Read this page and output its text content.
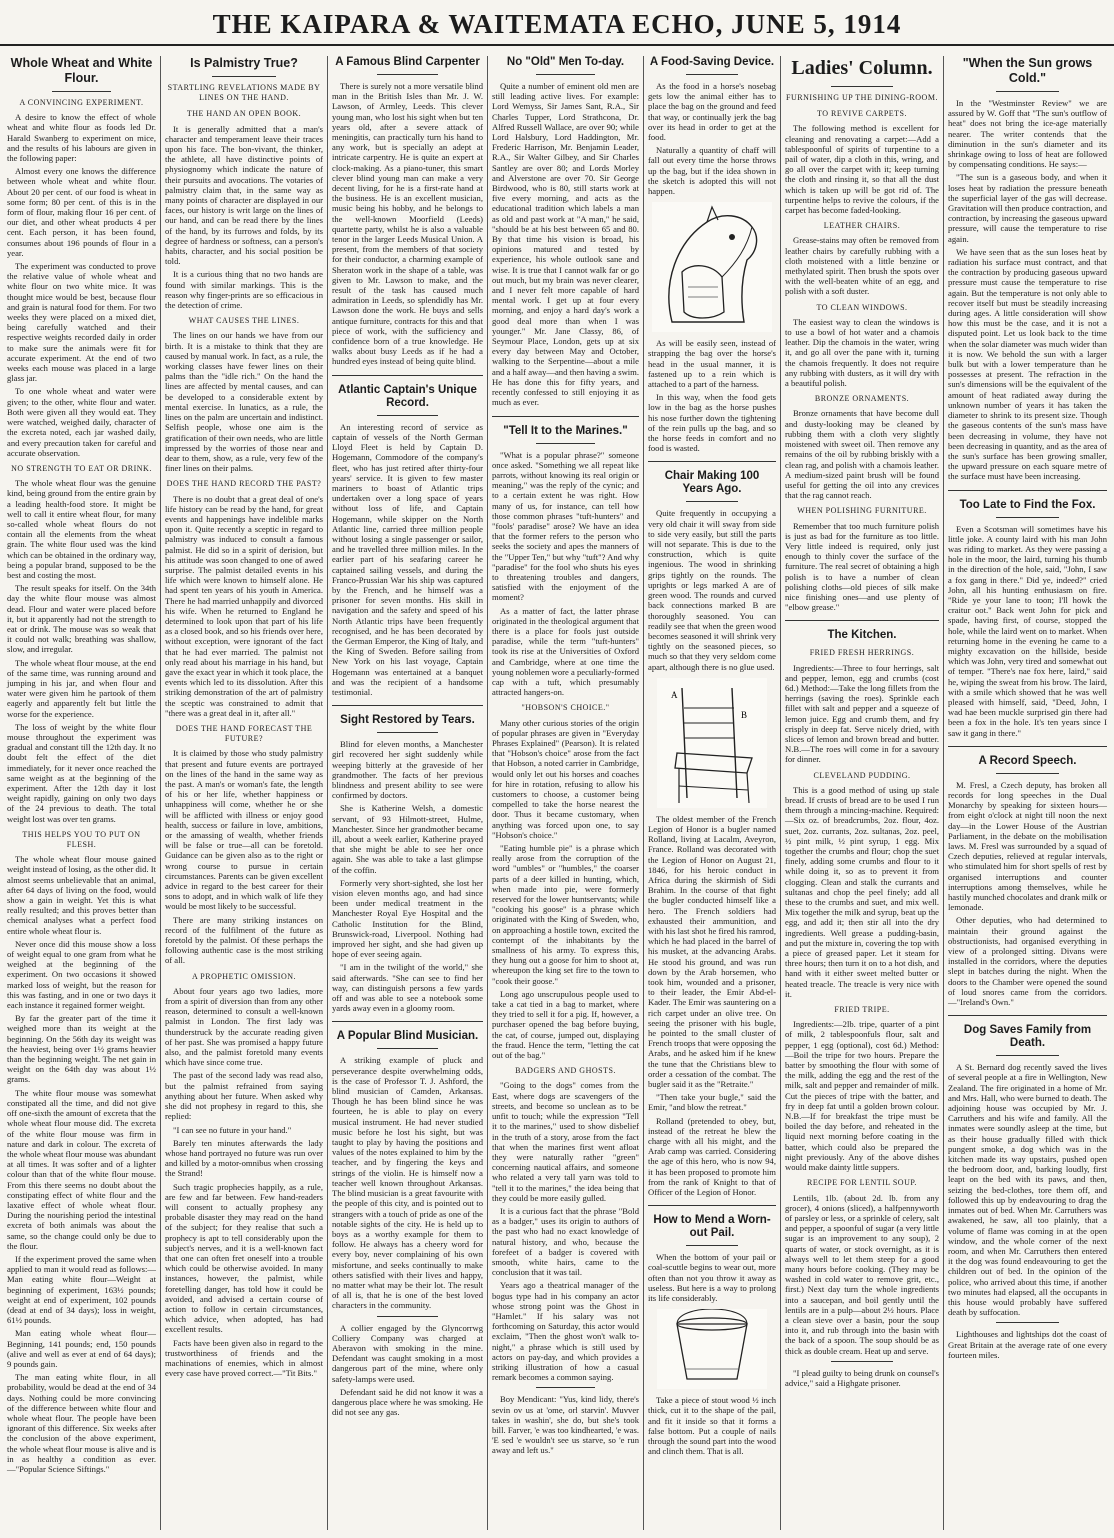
THE KAIPARA & WAITEMATA ECHO, JUNE 5, 1914
Whole Wheat and White Flour.
A CONVINCING EXPERIMENT.

A desire to know the effect of whole wheat and white flour as foods led Dr. Harald Swanberg to experiment on mice, and the results of his labours are given in the following paper:

Almost every one knows the difference between whole wheat and white flour. About 20 per cent. of our food is wheat in some form; 80 per cent. of this is in the form of flour, making flour 16 per cent. of our diet, and other wheat products 4 per cent. Each person, it has been found, consumes about 196 pounds of flour in a year.

The experiment was conducted to prove the relative value of whole wheat and white flour on two white mice. It was thought mice would be best, because flour and grain is natural food for them. For two weeks they were placed on a mixed diet, being carefully watched and their respective weights recorded daily in order to make sure the animals were fit for accurate experiment. At the end of two weeks each mouse was placed in a large glass jar.

To one whole wheat and water were given; to the other, white flour and water. Both were given all they would eat. They were watched, weighed daily, character of the excreta noted, each jar washed daily, and every precaution taken for careful and accurate observation.

NO STRENGTH TO EAT OR DRINK.

The whole wheat flour was the genuine kind, being ground from the entire grain by a leading health-food store. It might be well to call it entire wheat flour, for many so-called whole wheat flours do not contain all the elements from the wheat grain. The white flour used was the kind which can be obtained in the ordinary way, being a popular brand, supposed to be the best and costing the most.

The result speaks for itself. On the 34th day the white flour mouse was almost dead. Flour and water were placed before it, but it apparently had not the strength to eat or drink. The mouse was so weak that it could not walk; breathing was shallow, slow, and irregular.

The whole wheat flour mouse, at the end of the same time, was running around and jumping in his jar, and when flour and water were given him he partook of them eagerly and apparently felt but little the worse for the experience.

The loss of weight by the white flour mouse throughout the experiment was gradual and constant till the 12th day. It no doubt felt the effect of the diet immediately, for it never once reached the same weight as at the beginning of the experiment. After the 12th day it lost weight rapidly, gaining on only two days of the 24 previous to death. The total weight lost was over ten grams.

THIS HELPS YOU TO PUT ON FLESH.

The whole wheat flour mouse gained weight instead of losing, as the other did. It almost seems unbelievable that an animal, after 64 days of living on the food, would show a gain in weight. Yet this is what really resulted; and this proves better than chemical analyses what a perfect food entire whole wheat flour is.

Never once did this mouse show a loss of weight equal to one gram from what he weighed at the beginning of the experiment. On two occasions it showed marked loss of weight, but the reason for this was fasting, and in one or two days it each instance it regained former weight.

By far the greater part of the time it weighed more than its weight at the beginning. On the 56th day its weight was the heaviest, being over 1½ grams heavier than the beginning weight. The net gain in weight on the 64th day was about 1½ grams.

The white flour mouse was somewhat constipated all the time, and did not give off one-sixth the amount of excreta that the whole wheat flour mouse did. The excreta of the white flour mouse was firm in nature and dark in colour. The excreta of the whole wheat flour mouse was abundant at all times. It was softer and of a lighter colour than that of the white flour mouse. From this there seems no doubt about the constipating effect of white flour and the laxative effect of whole wheat flour. During the nourishing period the intestinal excreta of both animals was about the same, so the change could only be due to the flour.

If the experiment proved the same when applied to man it would read as follows:—Man eating white flour—Weight at beginning of experiment, 163½ pounds; weight at end of experiment, 102 pounds (dead at end of 34 days); loss in weight, 61½ pounds.

Man eating whole wheat flour—Beginning, 141 pounds; end, 150 pounds (alive and well as ever at end of 64 days); 9 pounds gain.

The man eating white flour, in all probability, would be dead at the end of 34 days. Nothing could be more convincing of the difference between white flour and whole wheat flour. The people have been ignorant of this difference. Six weeks after the conclusion of the above experiment, the whole wheat flour mouse is alive and is in as healthy a condition as ever.—"Popular Science Siftings."

Is Palmistry True?
STARTLING REVELATIONS MADE BY LINES ON THE HAND.
THE HAND AN OPEN BOOK.

It is generally admitted that a man's character and temperament leave their traces upon his face. The bon-vivant, the thinker, the athlete, all have distinctive points of physiognomy which indicate the nature of their pursuits and avocations. The votaries of palmistry claim that, in the same way as many points of character are displayed in our faces, our history is writ large on the lines of our hand, and can be read there by the lines of the hand, by its furrows and folds, by its degree of hardness or softness, can a person's habits, character, and his social position be told.

It is a curious thing that no two hands are found with similar markings. This is the reason why finger-prints are so efficacious in the detection of crime.

WHAT CAUSES THE LINES.

The lines on our hands we have from our birth. It is a mistake to think that they are caused by manual work. In fact, as a rule, the working classes have fewer lines on their palms than the "idle rich." On the hand the lines are affected by mental causes, and can be developed to a considerable extent by mental exercise. In lunatics, as a rule, the lines on the palm are uncertain and indistinct. Selfish people, whose one aim is the gratification of their own needs, who are little impressed by the worries of those near and dear to them, show, as a rule, very few of the finer lines on their palms.

DOES THE HAND RECORD THE PAST?

There is no doubt that a great deal of one's life history can be read by the hand, for great events and happenings have indelible marks upon it. Quite recently a sceptic in regard to palmistry was induced to consult a famous palmist. He did so in a spirit of derision, but his attitude was soon changed to one of awed surprise. The palmist detailed events in his life which were known to himself alone. He had spent ten years of his youth in America. There he had married unhappily and divorced his wife. When he returned to England he determined to look upon that part of his life as a closed book, and so his friends over here, without exception, were ignorant of the fact that he had ever married. The palmist not only read about his marriage in his hand, but gave the exact year in which it took place, the events which led to its dissolution. After this striking demonstration of the art of palmistry the sceptic was constrained to admit that "there was a great deal in it, after all."

DOES THE HAND FORECAST THE FUTURE?

It is claimed by those who study palmistry that present and future events are portrayed on the lines of the hand in the same way as the past. A man's or woman's fate, the length of his or her life, whether happiness or unhappiness will come, whether he or she will be afflicted with illness or enjoy good health, success or failure in love, ambitions, or the amassing of wealth, whether friends will be false or true—all can be foretold. Guidance can be given also as to the right or wrong course to pursue in certain circumstances. Parents can be given excellent advice in regard to the best career for their sons to adopt, and in which walk of life they would be most likely to be successful.

There are many striking instances on record of the fulfilment of the future as foretold by the palmist. Of these perhaps the following authentic case is the most striking of all.

A PROPHETIC OMISSION.

About four years ago two ladies, more from a spirit of diversion than from any other reason, determined to consult a well-known palmist in London. The first lady was thunderstruck by the accurate reading given of her past. She was promised a happy future also, and the palmist foretold many events which have since come true.

The past of the second lady was read also, but the palmist refrained from saying anything about her future. When asked why she did not prophesy in regard to this, she replied:

"I can see no future in your hand."

Barely ten minutes afterwards the lady whose hand portrayed no future was run over and killed by a motor-omnibus when crossing the Strand!

Such tragic prophecies happily, as a rule, are few and far between. Few hand-readers will consent to actually prophesy any probable disaster they may read on the hand of the subject; for they realise that such a prophecy is apt to tell considerably upon the subject's nerves, and it is a well-known fact that one can often fret oneself into a trouble which could be otherwise avoided. In many instances, however, the palmist, while foretelling danger, has told how it could be avoided, and advised a certain course of action to follow in certain circumstances, which advice, when adopted, has had excellent results.

Facts have been given also in regard to the trustworthiness of friends and the machinations of enemies, which in almost every case have proved correct.—"Tit Bits."

A Famous Blind Carpenter

There is surely not a more versatile blind man in the British Isles than Mr. J. W. Lawson, of Armley, Leeds. This clever young man, who lost his sight when but ten years old, after a severe attack of meningitis, can practically turn his hand to any work, but is specially an adept at intricate carpentry. He is quite an expert at clock-making. As a piano-tuner, this smart clever blind young man can make a very decent living, for he is a first-rate hand at the business. He is an excellent musician, music being his hobby, and he belongs to the well-known Moorfield (Leeds) quartette party, whilst he is also a valuable tenor in the larger Leeds Musical Union. A present, from the members of that society for their conductor, a charming example of Sheraton work in the shape of a table, was given to Mr. Lawson to make, and the result of the task has caused much admiration in Leeds, so splendidly has Mr. Lawson done the work. He buys and sells antique furniture, contracts for this and that piece of work, with the sufficiency and confidence born of a true knowledge. He walks about busy Leeds as if he had a hundred eyes instead of being quite blind.

Atlantic Captain's Unique Record.

An interesting record of service as captain of vessels of the North German Lloyd Fleet is held by Captain D. Hogemann, Commodore of the company's fleet, who has just retired after thirty-four years' service. It is given to few master mariners to boast of Atlantic trips undertaken over a long space of years without loss of life, and Captain Hogemann, while skipper on the North Atlantic line, carried three million people without losing a single passenger or sailor, and he travelled three million miles. In the earlier part of his seafaring career he captained sailing vessels, and during the Franco-Prussian War his ship was captured by the French, and he himself was a prisoner for seven months. His skill in navigation and the safety and speed of his North Atlantic trips have been frequently recognised, and he has been decorated by the German Emperor, the King of Italy, and the King of Sweden. Before sailing from New York on his last voyage, Captain Hogemann was entertained at a banquet and was the recipient of a handsome testimonial.

Sight Restored by Tears.

Blind for eleven months, a Manchester girl recovered her sight suddenly while weeping bitterly at the graveside of her grandmother. The facts of her previous blindness and present ability to see were confirmed by doctors.

She is Katherine Welsh, a domestic servant, of 93 Hilmott-street, Hulme, Manchester. Since her grandmother became ill, about a week earlier, Katherine prayed that she might be able to see her once again. She was able to take a last glimpse of the coffin.

Formerly very short-sighted, she lost her vision eleven months ago, and had since been under medical treatment in the Manchester Royal Eye Hospital and the Catholic Institution for the Blind, Brunswick-road, Liverpool. Nothing had improved her sight, and she had given up hope of ever seeing again.

"I am in the twilight of the world," she said afterwards. "She can see to find her way, can distinguish persons a few yards off and was able to see a notebook some yards away even in a gloomy room.

A Popular Blind Musician.

A striking example of pluck and perseverance despite overwhelming odds, is the case of Professor T. J. Ashford, the blind musician of Camden, Arkansas. Though he has been blind since he was fourteen, he is able to play on every musical instrument. He had never studied music before he lost his sight, but was taught to play by having the positions and values of the notes explained to him by the teacher, and by fingering the keys and strings of the violin. He is himself now a teacher well known throughout Arkansas. The blind musician is a great favourite with the people of this city, and is pointed out to strangers with a touch of pride as one of the notable sights of the city. He is held up to boys as a worthy example for them to follow. He always has a cheery word for every boy, never complaining of his own misfortune, and seeks continually to make others satisfied with their lives and happy, no matter what may be their lot. The result of all is, that he is one of the best loved characters in the community.

A collier engaged by the Glyncorrwg Colliery Company was charged at Aberavon with smoking in the mine. Defendant was caught smoking in a most dangerous part of the mine, where only safety-lamps were used.

Defendant said he did not know it was a dangerous place where he was smoking. He did not see any gas.

No "Old" Men To-day.

Quite a number of eminent old men are still leading active lives. For example: Lord Wemyss, Sir James Sant, R.A., Sir Charles Tupper, Lord Strathcona, Dr. Alfred Russell Wallace, are over 90; while Lord Halsbury, Lord Haddington, Mr. Frederic Harrison, Mr. Benjamin Leader, R.A., Sir Walter Gilbey, and Sir Charles Santley are over 80; and Lords Morley and Alverstone are over 70. Sir George Birdwood, who is 80, still starts work at five every morning, and acts as the educational tradition which labels a man as old and past work at "A man," he said, "should be at his best between 65 and 80. By that time his vision is broad, his opinions matured and tested by experience, his whole outlook sane and wise. It is true that I cannot walk far or go out much, but my brain was never clearer, and I never felt more capable of hard mental work. I get up at four every morning, and enjoy a hard day's work a good deal more than when I was younger." Mr. Jane Classy, 86, of Seymour Place, London, gets up at six every day between May and October, walking to the Serpentine—about a mile and a half away—and then having a swim. He has done this for fifty years, and recently confessed to still enjoying it as much as ever.

"Tell It to the Marines."

"What is a popular phrase?" someone once asked. "Something we all repeat like parrots, without knowing its real origin or meaning," was the reply of the cynic; and to a certain extent he was right. How many of us, for instance, can tell how those common phrases "tuft-hunters" and "fools' paradise" arose? We have an idea that the former refers to the person who seeks the society and apes the manners of the "Upper Ten," but why "tuft"? And why "paradise" for the fool who shuts his eyes to threatening troubles and dangers, satisfied with the enjoyment of the moment?

As a matter of fact, the latter phrase originated in the theological argument that there is a place for fools just outside paradise, while the term "tuft-hunters" took its rise at the Universities of Oxford and Cambridge, where at one time the young noblemen wore a peculiarly-formed cap with a tuft, which presumably attracted hangers-on.

"HOBSON'S CHOICE."

Many other curious stories of the origin of popular phrases are given in "Everyday Phrases Explained" (Pearson). It is related that "Hobson's choice" arose from the fact that Hobson, a noted carrier in Cambridge, would only let out his horses and coaches for hire in rotation, refusing to allow his customers to choose, a customer being compelled to take the horse nearest the door. Thus it became customary, when anything was forced upon one, to say "Hobson's choice."

"Eating humble pie" is a phrase which really arose from the corruption of the word "umbles" or "humbles," the coarser parts of a deer killed in hunting, which, when made into pie, were formerly reserved for the lower huntservants; while "cooking his goose" is a phrase which originated with the King of Sweden, who, on approaching a hostile town, excited the contempt of the inhabitants by the smallness of his army. To express this, they hung out a goose for him to shoot at, whereupon the king set fire to the town to "cook their goose."

Long ago unscrupulous people used to take a cat tied in a bag to market, where they tried to sell it for a pig. If, however, a purchaser opened the bag before buying, the cat, of course, jumped out, displaying the fraud. Hence the term, "letting the cat out of the bag."

BADGERS AND GHOSTS.

"Going to the dogs" comes from the East, where dogs are scavengers of the streets, and become so unclean as to be unfit to touch; while the expression "Tell it to the marines," used to show disbelief in the truth of a story, arose from the fact that when the marines first went afloat they were naturally rather "green" concerning nautical affairs, and someone who related a very tall yarn was told to "tell it to the marines," the idea being that they could be more easily gulled.

It is a curious fact that the phrase "Bold as a badger," uses its origin to authors of the past who had no exact knowledge of natural history, and who, because the forefeet of a badger is covered with smooth, white hairs, came to the conclusion that it was tail.

Years ago a theatrical manager of the bogus type had in his company an actor whose strong point was the Ghost in "Hamlet." If his salary was not forthcoming on Saturday, this actor would exclaim, "Then the ghost won't walk to-night," a phrase which is still used by actors on pay-day, and which provides a striking illustration of how a casual remark becomes a common saying.

Boy Mendicant: "Yus, kind lidy, there's sevin ov us at 'ome, orl starvin'. Muvver takes in washin', she do, but she's took bill. Farver, 'e was too kindhearted, 'e was. 'E sed 'e wouldn't see us starve, so 'e run away and left us."

A Food-Saving Device.

As the food in a horse's nosebag gets low the animal either has to place the bag on the ground and feed that way, or continually jerk the bag over its head in order to get at the food.

Naturally a quantity of chaff will fall out every time the horse throws up the bag, but if the idea shown in the sketch is adopted this will not happen.

As will be easily seen, instead of strapping the bag over the horse's head in the usual manner, it is fastened up to a rein which is attached to a part of the harness.

In this way, when the food gets low in the bag as the horse pushes his nose further down the tightening of the rein pulls up the bag, and so the horse feeds in comfort and no food is wasted.

Chair Making 100 Years Ago.

Quite frequently in occupying a very old chair it will sway from side to side very easily, but still the parts will not separate. This is due to the construction, which is quite ingenious. The wood in shrinking grips tightly on the rounds. The uprights or legs marked A are of green wood. The rounds and curved back connections marked B are thoroughly seasoned. You can readily see that when the green wood becomes seasoned it will shrink very tightly on the seasoned pieces, so much so that they very seldom come apart, although there is no glue used.

A
B

The oldest member of the French Legion of Honor is a bugler named Rolland, living at Lacalm, Aveyron, France. Rolland was decorated with the Legion of Honor on August 21, 1846, for his heroic conduct in Africa during the skirmish of Sidi Brahim. In the course of that fight the bugler conducted himself like a hero. The French soldiers had exhausted their ammunition, and with his last shot he fired his ramrod, which he had placed in the barrel of his musket, at the advancing Arabs. He stood his ground, and was run down by the Arab horsemen, who took him, wounded and a prisoner, to their leader, the Emir Abd-el-Kader. The Emir was sauntering on a rich carpet under an olive tree. On seeing the prisoner with his bugle, he pointed to the small cluster of French troops that were opposing the Arabs, and he asked him if he knew the tune that the Christians blew to order a cessation of the combat. The bugler said it as the "Retraite."

"Then take your bugle," said the Emir, "and blow the retreat."

Rolland (pretended to obey, but, instead of the retreat he blew the charge with all his might, and the Arab camp was carried. Considering the age of this hero, who is now 94, it has been proposed to promote him from the rank of Knight to that of Officer of the Legion of Honor.

How to Mend a Worn-out Pail.

When the bottom of your pail or coal-scuttle begins to wear out, more often than not you throw it away as useless. But here is a way to prolong its life considerably.

Take a piece of stout wood ½ inch thick, cut it to the shape of the pail, and fit it inside so that it forms a false bottom. Put a couple of nails through the sound part into the wood and clinch them. That is all.

Ladies' Column.
FURNISHING UP THE DINING-ROOM.
TO REVIVE CARPETS.

The following method is excellent for cleaning and renovating a carpet:—Add a tablespoonful of spirits of turpentine to a pail of water, dip a cloth in this, wring, and go all over the carpet with it; keep turning the cloth and rinsing it, so that all the dust which is taken up will be got rid of. The turpentine helps to revive the colours, if the carpet has become faded-looking.

LEATHER CHAIRS.

Grease-stains may often be removed from leather chairs by carefully rubbing with a cloth moistened with a little benzine or methylated spirit. Then brush the spots over with the well-beaten white of an egg, and polish with a soft duster.

TO CLEAN WINDOWS.

The easiest way to clean the windows is to use a bowl of hot water and a chamois leather. Dip the chamois in the water, wring it, and go all over the pane with it, turning the chamois frequently. It does not require any rubbing with dusters, as it will dry with a beautiful polish.

BRONZE ORNAMENTS.

Bronze ornaments that have become dull and dusty-looking may be cleaned by rubbing them with a cloth very slightly moistened with sweet oil. Then remove any remains of the oil by rubbing briskly with a clean rag, and polish with a chamois leather. A medium-sized paint brush will be found useful for getting the oil into any crevices that the rag cannot reach.

WHEN POLISHING FURNITURE.

Remember that too much furniture polish is just as bad for the furniture as too little. Very little indeed is required, only just enough to thinly cover the surface of the furniture. The real secret of obtaining a high polish is to have a number of clean polishing cloths—old pieces of silk make nice finishing ones—and use plenty of "elbow grease."

The Kitchen.
FRIED FRESH HERRINGS.

Ingredients:—Three to four herrings, salt and pepper, lemon, egg and crumbs (cost 6d.) Method:—Take the long fillets from the herrings (saving the roes). Sprinkle each fillet with salt and pepper and a squeeze of lemon juice. Egg and crumb them, and fry crisply in deep fat. Serve nicely dried, with slices of lemon and brown bread and butter. N.B.—The roes will come in for a savoury for dinner.

CLEVELAND PUDDING.

This is a good method of using up stale bread. If crusts of bread are to be used I run them through a mincing-machine. Required:—Six oz. of breadcrumbs, 2oz. flour, 4oz. suet, 2oz. currants, 2oz. sultanas, 2oz. peel, ½ pint milk, ½ pint syrup, 1 egg. Mix together the crumbs and flour; chop the suet finely, adding some crumbs and flour to it while doing it, so as to prevent it from clogging. Clean and stalk the currants and sultanas and chop the peel finely; add all these to the crumbs and suet, and mix well. Mix together the milk and syrup, beat up the egg, and add it; then stir all into the dry ingredients. Well grease a pudding-basin, and put the mixture in, covering the top with a piece of greased paper. Let it steam for three hours; then turn it on to a hot dish, and hand with it either sweet melted butter or heated treacle. The treacle is very nice with it.

FRIED TRIPE.

Ingredients:—2lb. tripe, quarter of a pint of milk, 2 tablespoonfuls flour, salt and pepper, 1 egg (optional), cost 6d.) Method:—Boil the tripe for two hours. Prepare the batter by smoothing the flour with some of the milk, adding the egg and the rest of the milk, salt and pepper and remainder of milk. Cut the pieces of tripe with the batter, and fry in deep fat until a golden brown colour. N.B.—If for breakfast the tripe must be boiled the day before, and reheated in the liquid next morning before coating in the batter, which could also be prepared the night previously. Any of the above dishes would make dainty little suppers.

RECIPE FOR LENTIL SOUP.

Lentils, 1lb. (about 2d. lb. from any grocer), 4 onions (sliced), a halfpennyworth of parsley or less, or a sprinkle of celery, salt and pepper, a spoonful of sugar (a very little sugar is an improvement to any soup), 2 quarts of water, or stock overnight, as it is always well to let them steep for a good many hours before cooking. (They may be washed in cold water to remove grit, etc., first.) Next day turn the whole ingredients into a saucepan, and boil gently until the lentils are in a pulp—about 2½ hours. Place a clean sieve over a basin, pour the soup into it, and rub through into the basin with the back of a spoon. The soup should be as thick as double cream. Heat up and serve.

"I plead guilty to being drunk on counsel's advice," said a Highgate prisoner.

"When the Sun grows Cold."

In the "Westminster Review" we are assured by W. Goff that "The sun's outflow of heat" does not bring the ice-age materially nearer. The writer contends that the diminution in the sun's diameter and its shrinkage owing to loss of heat are followed by compensating conditions. He says:—

"The sun is a gaseous body, and when it loses heat by radiation the pressure beneath the superficial layer of the gas will decrease. Gravitation will then produce contraction, and contraction, by increasing the gaseous upward pressure, will cause the temperature to rise again.

We have seen that as the sun loses heat by radiation his surface must contract, and that the contraction by producing gaseous upward pressure must cause the temperature to rise again. But the temperature is not only able to recover itself but must be steadily increasing during ages. A little consideration will show how this must be the case, and it is not a disputed point. Let us look back to the time when the solar diameter was much wider than it is now. We behold the sun with a larger bulk but with a lower temperature than he possesses at present. The refraction in the sun's dimensions will be the equivalent of the amount of heat radiated away during the unknown number of years it has taken the diameter to shrink to its present size. Though the gaseous contents of the sun's mass have been decreasing in volume, they have not been decreasing in quantity, and as the area of the sun's surface has been growing smaller, the upward pressure on each square metre of the surface must have been increasing.

Too Late to Find the Fox.

Even a Scotsman will sometimes have his little joke. A county laird with his man John was riding to market. As they were passing a hole in the moor, the laird, turning his thumb in the direction of the hole, said, "John, I saw a fox gang in there." Did ye, indeed?" cried John, all his hunting enthusiasm on fire. "Ride ye your lane to toon; I'll howk the craitur oot." Back went John for pick and spade, having first, of course, stopped the hole, while the laird went on to market. When returning home in the evening he came to a mighty excavation on the hillside, beside which was John, very tired and somewhat out of temper. "There's nae fox here, laird," said he, wiping the sweat from his brow. The laird, with a smile which showed that he was well pleased with himself, said, "Deed, John, I wad hae been muckle surprised gin there had been a fox in the hole. It's ten years since I saw it gang in there."

A Record Speech.

M. Fresl, a Czech deputy, has broken all records for long speeches in the Dual Monarchy by speaking for sixteen hours—from eight o'clock at night till noon the next day—in the Lower House of the Austrian Parliament, in the debate on the mobilisation laws. M. Fresl was surrounded by a squad of Czech deputies, relieved at regular intervals, who stimulated him for short spells of rest by organised interruptions and counter interruptions among themselves, while he hastily munched chocolates and drank milk or lemonade.

Other deputies, who had determined to maintain their ground against the obstructionists, had organised everything in view of a prolonged sitting. Divans were installed in the corridors, where the deputies slept in batches during the night. When the doors to the Chamber were opened the sound of loud snores came from the corridors.—"Ireland's Own."

Dog Saves Family from Death.

A St. Bernard dog recently saved the lives of several people at a fire in Wellington, New Zealand. The fire originated in a home of Mr. and Mrs. Hall, who were burned to death. The adjoining house was occupied by Mr. J. Carruthers and his wife and family. All the inmates were soundly asleep at the time, but as their house gradually filled with thick pungent smoke, a dog which was in the kitchen made its way upstairs, pushed open the bedroom door, and, barking loudly, first leapt on the bed with its paws, and then, seizing the bed-clothes, tore them off, and followed this up by endeavouring to drag the inmates out of bed. When Mr. Carruthers was awakened, he saw, all too plainly, that a volume of flame was coming in at the open window, and the whole corner of the next room, and when Mr. Carruthers then entered it the dog was found endeavouring to get the children out of bed. In the opinion of the police, who arrived about this time, if another two minutes had elapsed, all the occupants in this house would probably have suffered death by suffocation.

Lighthouses and lightships dot the coast of Great Britain at the average rate of one every fourteen miles.
